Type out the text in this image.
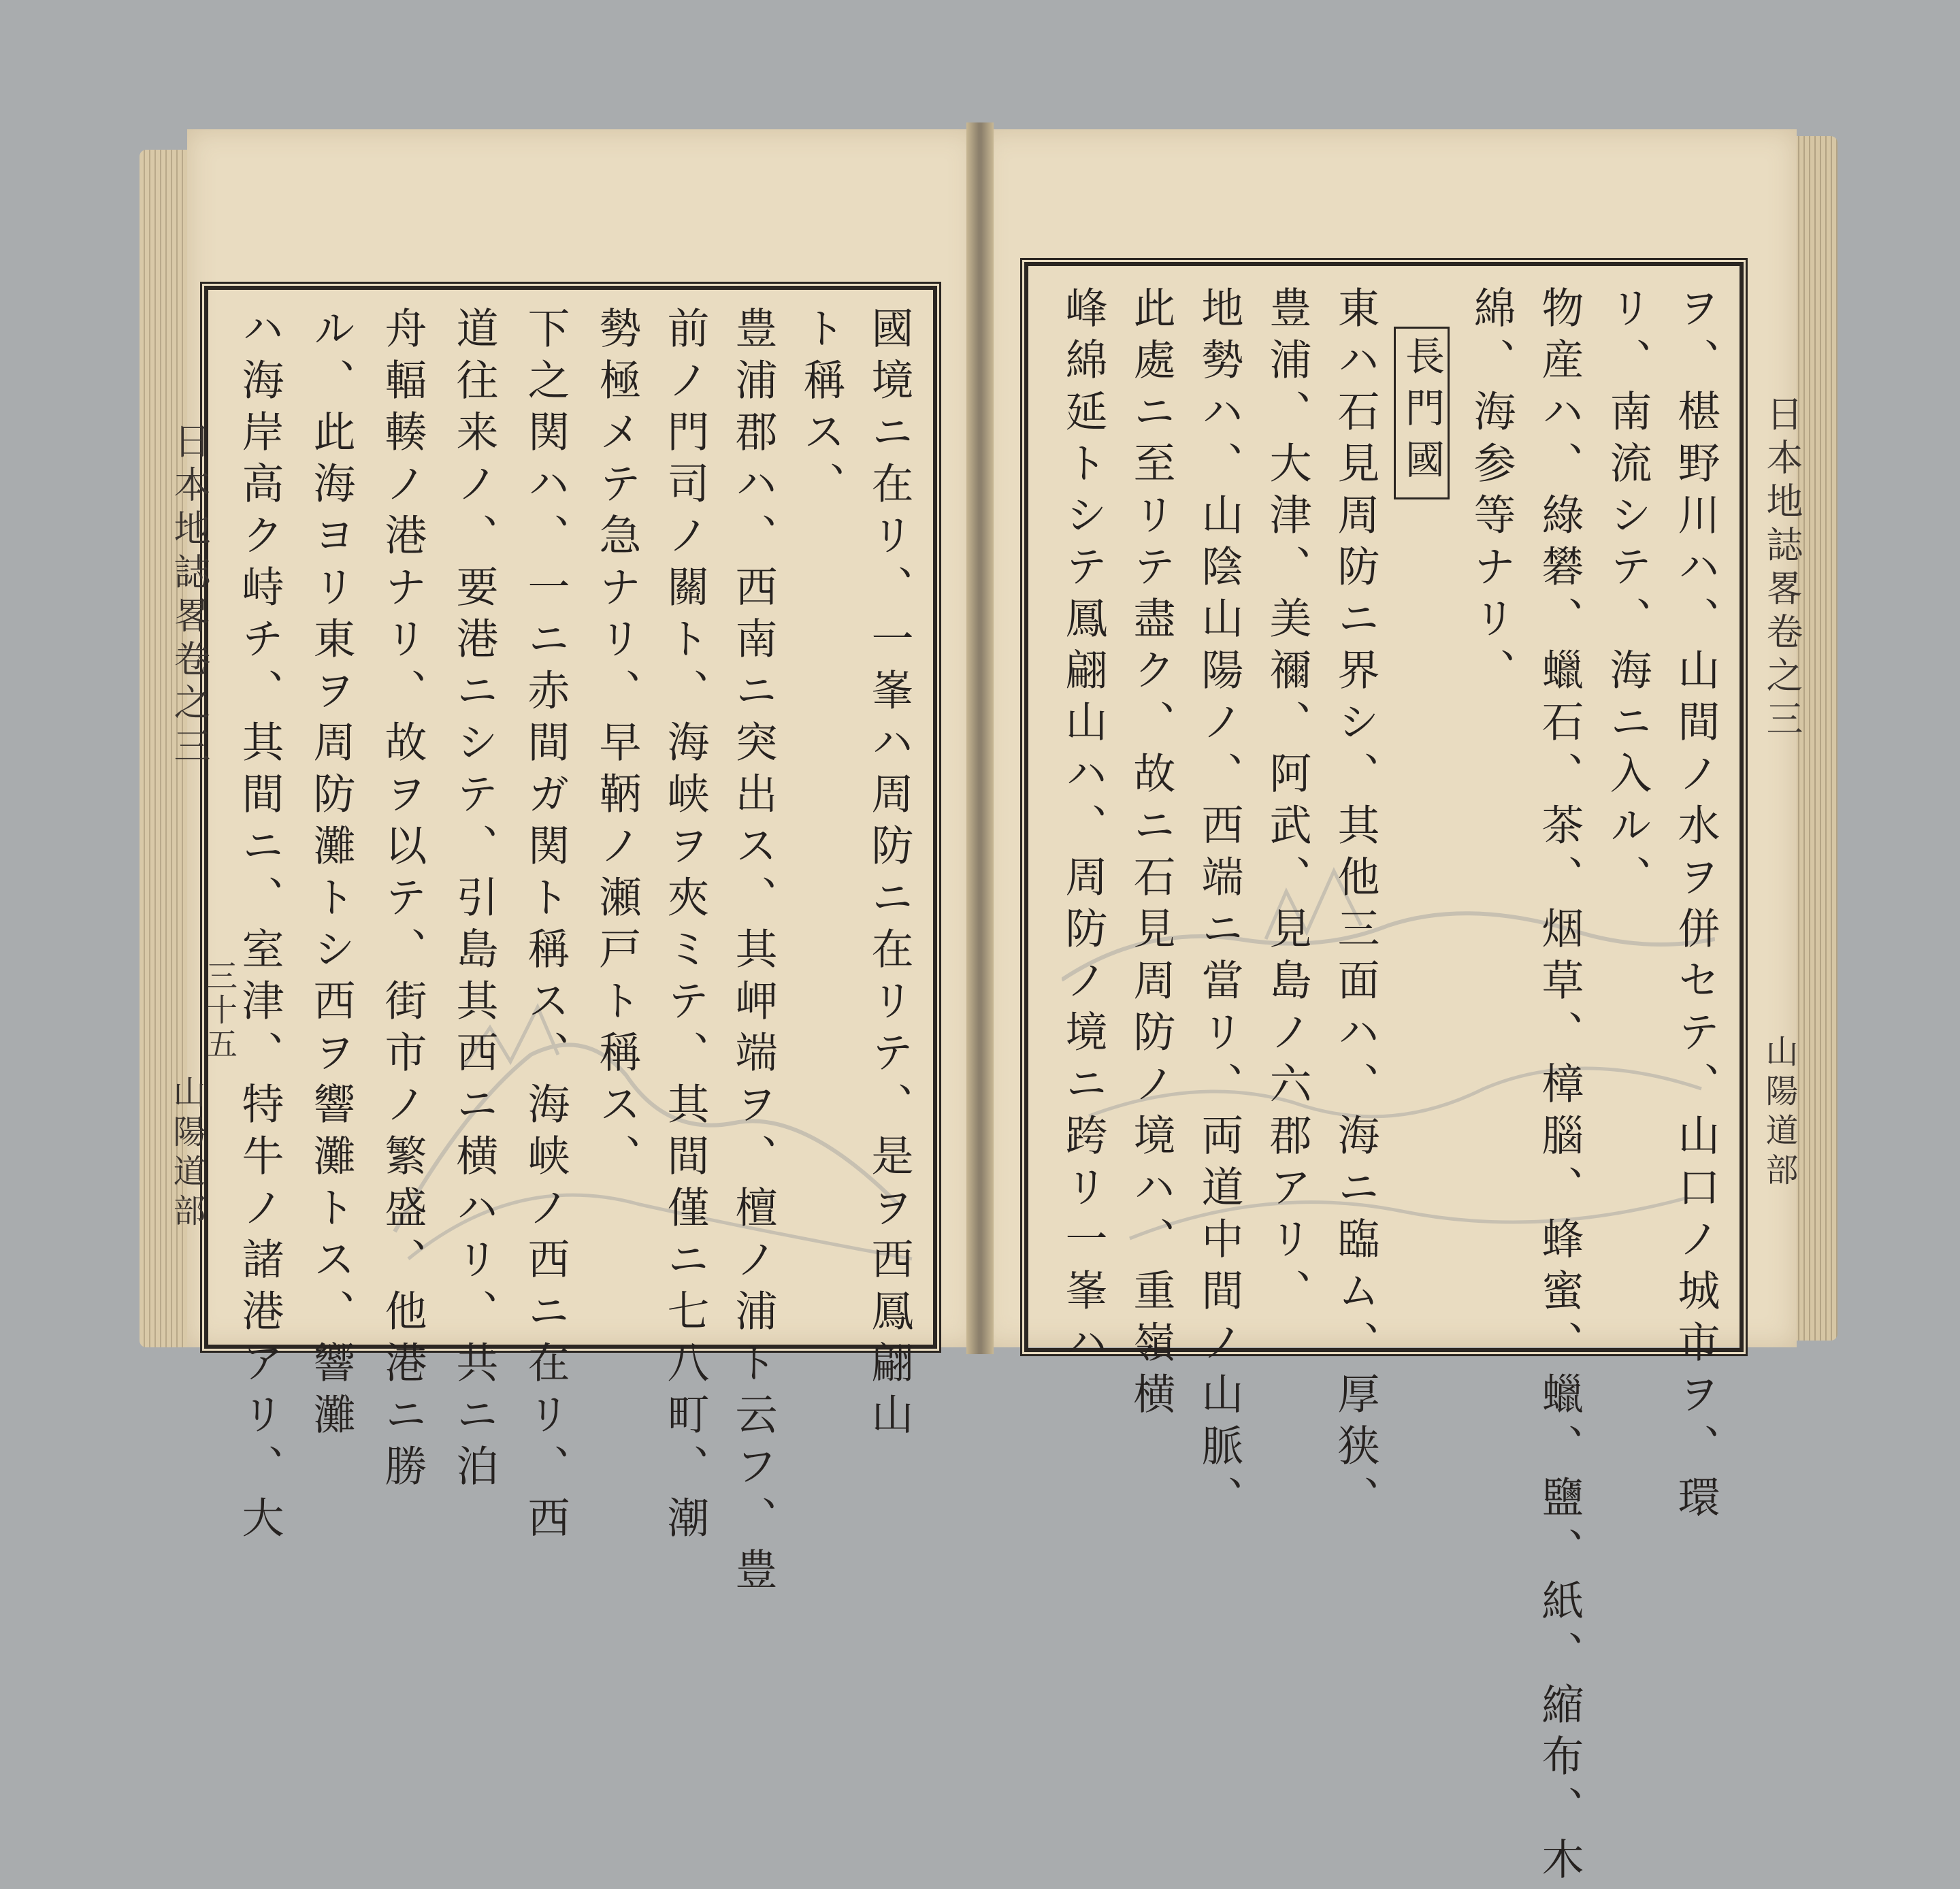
日本地誌畧卷之三
三十五
山陽道部
日本地誌畧卷之三
山陽道部
國境ニ在リ、一峯ハ周防ニ在リテ、是ヲ西鳳翩山
ト稱ス、
豊浦郡ハ、西南ニ突出ス、其岬端ヲ、檀ノ浦ト云フ、豊
前ノ門司ノ關ト、海峡ヲ夾ミテ、其間僅ニ七八町、潮
勢極メテ急ナリ、早鞆ノ瀬戸ト稱ス、
下之関ハ、一ニ赤間ガ関ト稱ス、海峡ノ西ニ在リ、西
道往来ノ、要港ニシテ、引島其西ニ横ハリ、共ニ泊
舟輻輳ノ港ナリ、故ヲ以テ、街市ノ繁盛、他港ニ勝
ル、此海ヨリ東ヲ周防灘トシ西ヲ響灘トス、響灘
ハ海岸高ク峙チ、其間ニ、室津、特牛ノ諸港アリ、大	ヲ、椹野川ハ、山間ノ水ヲ併セテ、山口ノ城市ヲ、環
リ、南流シテ、海ニ入ル、
物産ハ、綠礬、蠟石、茶、烟草、樟腦、蜂蜜、蠟、鹽、紙、縮布、木
綿、海参等ナリ、
長門國
東ハ石見周防ニ界シ、其他三面ハ、海ニ臨ム、厚狭、
豊浦、大津、美禰、阿武、見島ノ六郡アリ、
地勢ハ、山陰山陽ノ、西端ニ當リ、両道中間ノ山脈、
此處ニ至リテ盡ク、故ニ石見周防ノ境ハ、重嶺横
峰綿延トシテ鳳翩山ハ、周防ノ境ニ跨リ一峯ハ
